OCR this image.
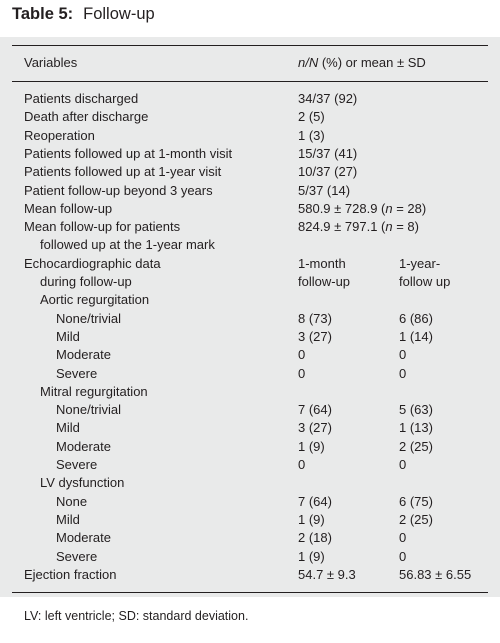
Table 5: Follow-up
Variables	n/N (%) or mean ± SD
Patients discharged	34/37 (92)
Death after discharge	2 (5)
Reoperation	1 (3)
Patients followed up at 1-month visit	15/37 (41)
Patients followed up at 1-year visit	10/37 (27)
Patient follow-up beyond 3 years	5/37 (14)
Mean follow-up	580.9 ± 728.9 (n = 28)
Mean follow-up for patients	824.9 ± 797.1 (n = 8)
followed up at the 1-year mark
Echocardiographic data	1-month	1-year-
during follow-up	follow-up	follow up
Aortic regurgitation
None/trivial	8 (73)	6 (86)
Mild	3 (27)	1 (14)
Moderate	0	0
Severe	0	0
Mitral regurgitation
None/trivial	7 (64)	5 (63)
Mild	3 (27)	1 (13)
Moderate	1 (9)	2 (25)
Severe	0	0
LV dysfunction
None	7 (64)	6 (75)
Mild	1 (9)	2 (25)
Moderate	2 (18)	0
Severe	1 (9)	0
Ejection fraction	54.7 ± 9.3	56.83 ± 6.55
LV: left ventricle; SD: standard deviation.
